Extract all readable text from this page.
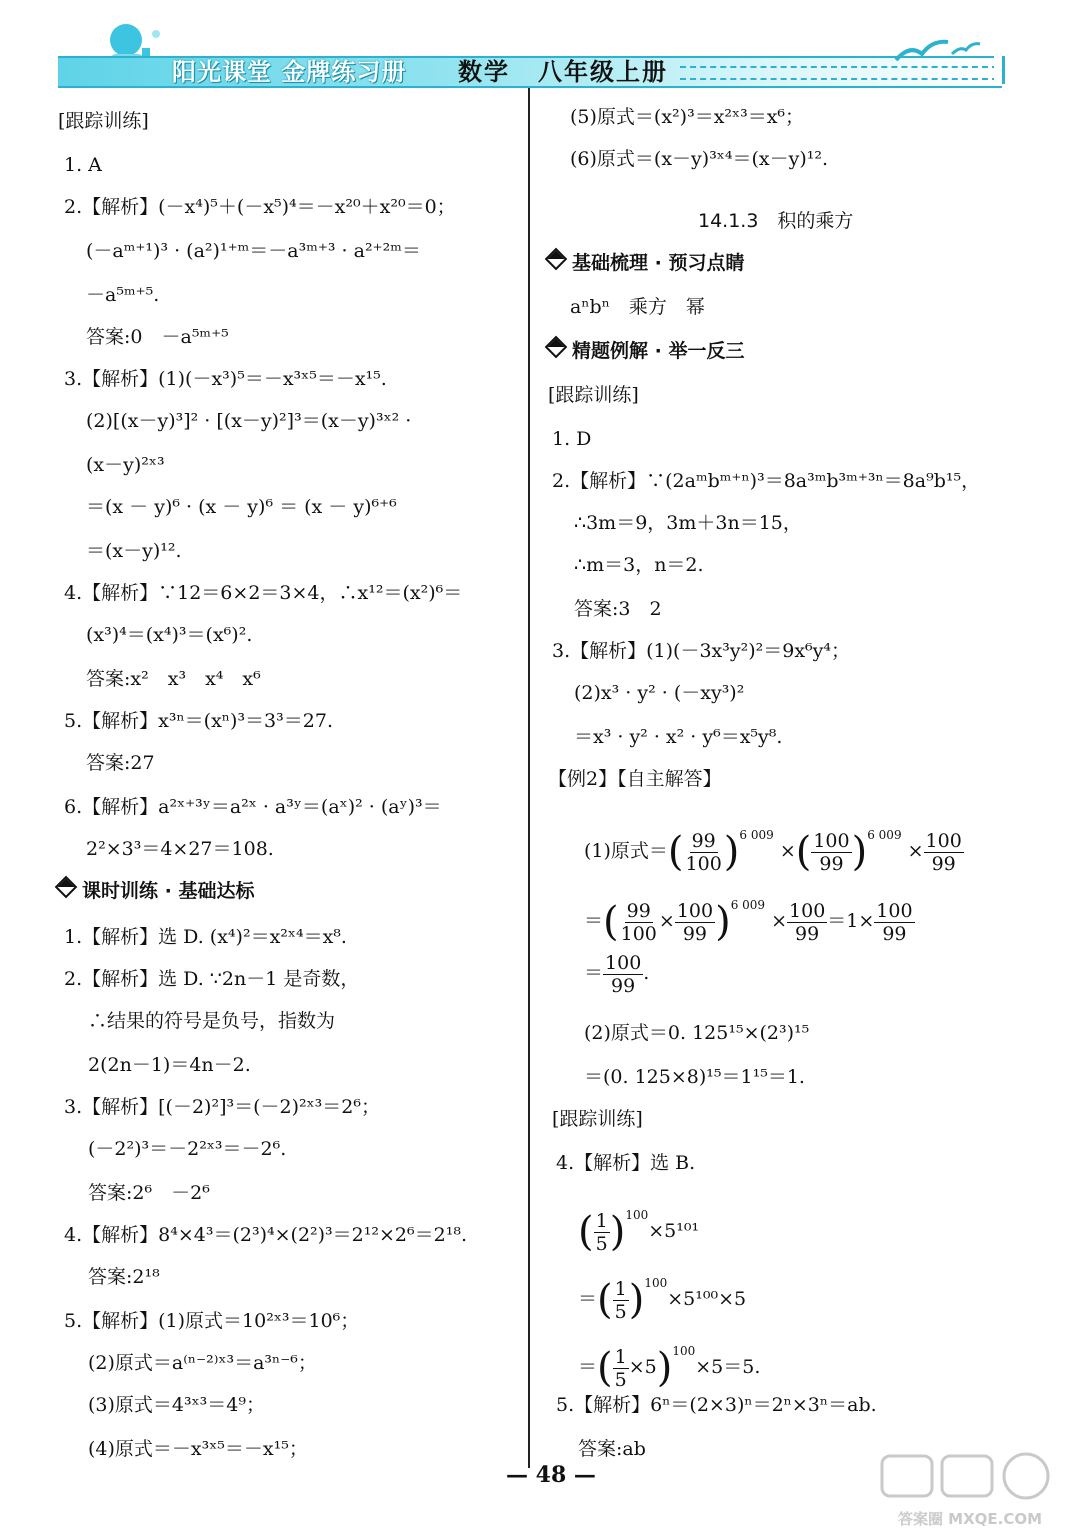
阳光课堂 金牌练习册 数学 八年级上册
[跟踪训练]
1. A
2.【解析】(－x⁴)⁵＋(－x⁵)⁴＝－x²⁰＋x²⁰＝0；
(－aᵐ⁺¹)³ · (a²)¹⁺ᵐ＝－a³ᵐ⁺³ · a²⁺²ᵐ＝
－a⁵ᵐ⁺⁵.
答案:0　－a⁵ᵐ⁺⁵
3.【解析】(1)(－x³)⁵＝－x³ˣ⁵＝－x¹⁵.
(2)[(x－y)³]² · [(x－y)²]³＝(x－y)³ˣ² ·
(x－y)²ˣ³
＝(x － y)⁶ · (x － y)⁶ ＝ (x － y)⁶⁺⁶
＝(x－y)¹².
4.【解析】∵12＝6×2＝3×4，∴x¹²＝(x²)⁶＝
(x³)⁴＝(x⁴)³＝(x⁶)².
答案:x²　x³　x⁴　x⁶
5.【解析】x³ⁿ＝(xⁿ)³＝3³＝27.
答案:27
6.【解析】a²ˣ⁺³ʸ＝a²ˣ · a³ʸ＝(aˣ)² · (aʸ)³＝
2²×3³＝4×27＝108.
课时训练 · 基础达标
1.【解析】选 D. (x⁴)²＝x²ˣ⁴＝x⁸.
2.【解析】选 D. ∵2n－1 是奇数，
∴结果的符号是负号，指数为
2(2n－1)＝4n－2.
3.【解析】[(－2)²]³＝(－2)²ˣ³＝2⁶；
(－2²)³＝－2²ˣ³＝－2⁶.
答案:2⁶　－2⁶
4.【解析】8⁴×4³＝(2³)⁴×(2²)³＝2¹²×2⁶＝2¹⁸.
答案:2¹⁸
5.【解析】(1)原式＝10²ˣ³＝10⁶；
(2)原式＝a⁽ⁿ⁻²⁾ˣ³＝a³ⁿ⁻⁶；
(3)原式＝4³ˣ³＝4⁹；
(4)原式＝－x³ˣ⁵＝－x¹⁵；
(5)原式＝(x²)³＝x²ˣ³＝x⁶；
(6)原式＝(x－y)³ˣ⁴＝(x－y)¹².
14.1.3　积的乘方
基础梳理 · 预习点睛
aⁿbⁿ　乘方　幂
精题例解 · 举一反三
[跟踪训练]
1. D
2.【解析】∵(2aᵐbᵐ⁺ⁿ)³＝8a³ᵐb³ᵐ⁺³ⁿ＝8a⁹b¹⁵，
∴3m＝9，3m＋3n＝15，
∴m＝3，n＝2.
答案:3　2
3.【解析】(1)(－3x³y²)²＝9x⁶y⁴；
(2)x³ · y² · (－xy³)²
＝x³ · y² · x² · y⁶＝x⁵y⁸.
【例2】【自主解答】
(1)原式＝( $\frac{99}{100} )^{6 009}$ ×( $\frac{100}{99} )^{6 009} \times \frac{100}{99}$
＝( $\frac{99}{100} \times \frac{100}{99} )^{6 009} \times \frac{100}{99} =1\times \frac{100}{99}$
＝ $\frac{100}{99}$ .
(2)原式＝0. 125¹⁵×(2³)¹⁵
＝(0. 125×8)¹⁵＝1¹⁵＝1.
[跟踪训练]
4.【解析】选 B.
( $\frac{1}{5} )^{100}\times 5^{101}$
＝( $\frac{1}{5} )^{100}\times 5^{100}\times 5$
＝( $\frac{1}{5} \times 5)^{100}\times 5=5$.
5.【解析】6ⁿ＝(2×3)ⁿ＝2ⁿ×3ⁿ＝ab.
答案:ab
— 48 —
答案圈 MXQE.COM
